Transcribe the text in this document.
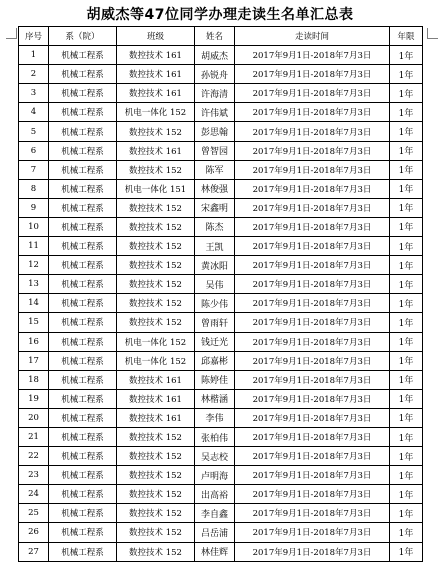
胡威杰等47位同学办理走读生名单汇总表
序号	系（院）	班级	姓名	走读时间	年限
1	机械工程系	数控技术 161	胡威杰	2017年9月1日-2018年7月3日	1年
2	机械工程系	数控技术 161	孙锐舟	2017年9月1日-2018年7月3日	1年
3	机械工程系	数控技术 161	许海清	2017年9月1日-2018年7月3日	1年
4	机械工程系	机电一体化 152	许伟斌	2017年9月1日-2018年7月3日	1年
5	机械工程系	数控技术 152	彭思翰	2017年9月1日-2018年7月3日	1年
6	机械工程系	数控技术 161	曾智园	2017年9月1日-2018年7月3日	1年
7	机械工程系	数控技术 152	陈军	2017年9月1日-2018年7月3日	1年
8	机械工程系	机电一体化 151	林俊强	2017年9月1日-2018年7月3日	1年
9	机械工程系	数控技术 152	宋鑫明	2017年9月1日-2018年7月3日	1年
10	机械工程系	数控技术 152	陈杰	2017年9月1日-2018年7月3日	1年
11	机械工程系	数控技术 152	王凯	2017年9月1日-2018年7月3日	1年
12	机械工程系	数控技术 152	黄冰阳	2017年9月1日-2018年7月3日	1年
13	机械工程系	数控技术 152	吴伟	2017年9月1日-2018年7月3日	1年
14	机械工程系	数控技术 152	陈少伟	2017年9月1日-2018年7月3日	1年
15	机械工程系	数控技术 152	曾雨轩	2017年9月1日-2018年7月3日	1年
16	机械工程系	机电一体化 152	钱迁光	2017年9月1日-2018年7月3日	1年
17	机械工程系	机电一体化 152	邱嘉彬	2017年9月1日-2018年7月3日	1年
18	机械工程系	数控技术 161	陈婷佳	2017年9月1日-2018年7月3日	1年
19	机械工程系	数控技术 161	林楷涵	2017年9月1日-2018年7月3日	1年
20	机械工程系	数控技术 161	李伟	2017年9月1日-2018年7月3日	1年
21	机械工程系	数控技术 152	张柏伟	2017年9月1日-2018年7月3日	1年
22	机械工程系	数控技术 152	吴志校	2017年9月1日-2018年7月3日	1年
23	机械工程系	数控技术 152	卢明海	2017年9月1日-2018年7月3日	1年
24	机械工程系	数控技术 152	出高裕	2017年9月1日-2018年7月3日	1年
25	机械工程系	数控技术 152	李自鑫	2017年9月1日-2018年7月3日	1年
26	机械工程系	数控技术 152	吕岳浦	2017年9月1日-2018年7月3日	1年
27	机械工程系	数控技术 152	林佳辉	2017年9月1日-2018年7月3日	1年
